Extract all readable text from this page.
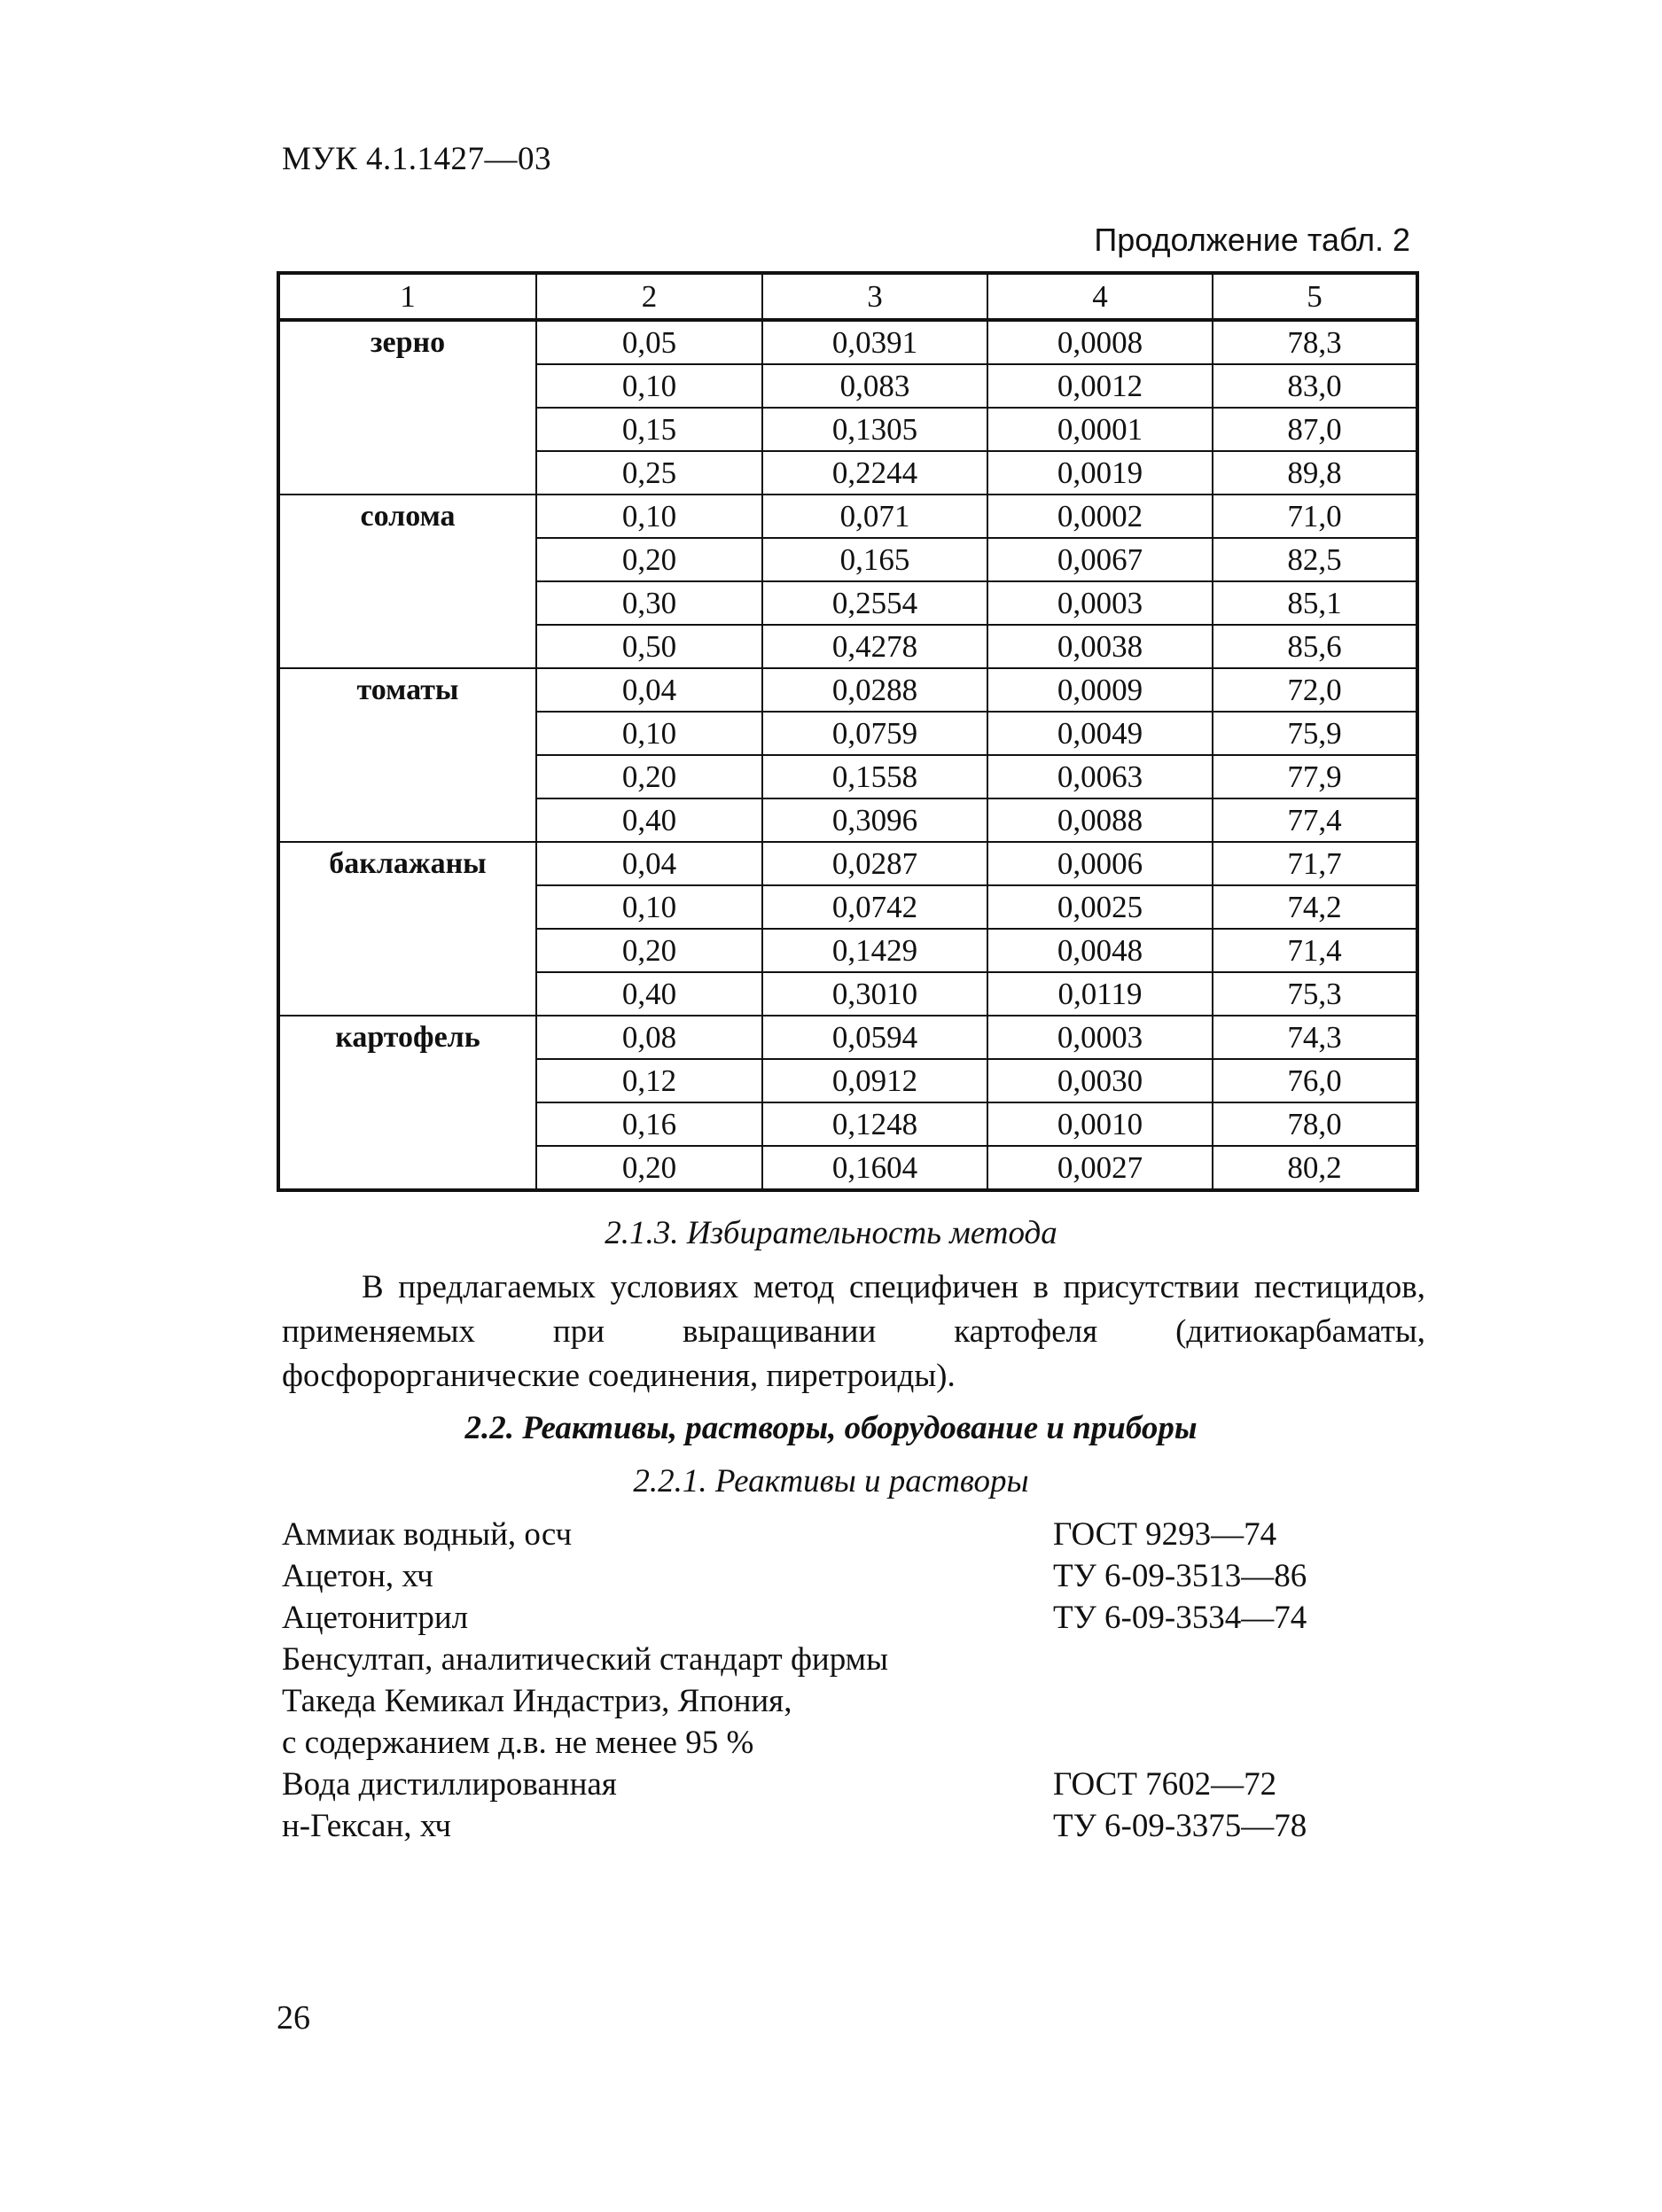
МУК 4.1.1427—03
Продолжение табл. 2
1	2	3	4	5
зерно	0,05	0,0391	0,0008	78,3
	0,10	0,083	0,0012	83,0
	0,15	0,1305	0,0001	87,0
	0,25	0,2244	0,0019	89,8
солома	0,10	0,071	0,0002	71,0
	0,20	0,165	0,0067	82,5
	0,30	0,2554	0,0003	85,1
	0,50	0,4278	0,0038	85,6
томаты	0,04	0,0288	0,0009	72,0
	0,10	0,0759	0,0049	75,9
	0,20	0,1558	0,0063	77,9
	0,40	0,3096	0,0088	77,4
баклажаны	0,04	0,0287	0,0006	71,7
	0,10	0,0742	0,0025	74,2
	0,20	0,1429	0,0048	71,4
	0,40	0,3010	0,0119	75,3
картофель	0,08	0,0594	0,0003	74,3
	0,12	0,0912	0,0030	76,0
	0,16	0,1248	0,0010	78,0
	0,20	0,1604	0,0027	80,2
2.1.3. Избирательность метода
В предлагаемых условиях метод специфичен в присутствии пестицидов, применяемых при выращивании картофеля (дитиокарбаматы, фосфорорганические соединения, пиретроиды).
2.2. Реактивы, растворы, оборудование и приборы
2.2.1. Реактивы и растворы
Аммиак водный, осч	ГОСТ 9293—74
Ацетон, хч	ТУ 6-09-3513—86
Ацетонитрил	ТУ 6-09-3534—74
Бенсултап, аналитический стандарт фирмы
Такеда Кемикал Индастриз, Япония,
с содержанием д.в. не менее 95 %
Вода дистиллированная	ГОСТ 7602—72
н-Гексан, хч	ТУ 6-09-3375—78
26
